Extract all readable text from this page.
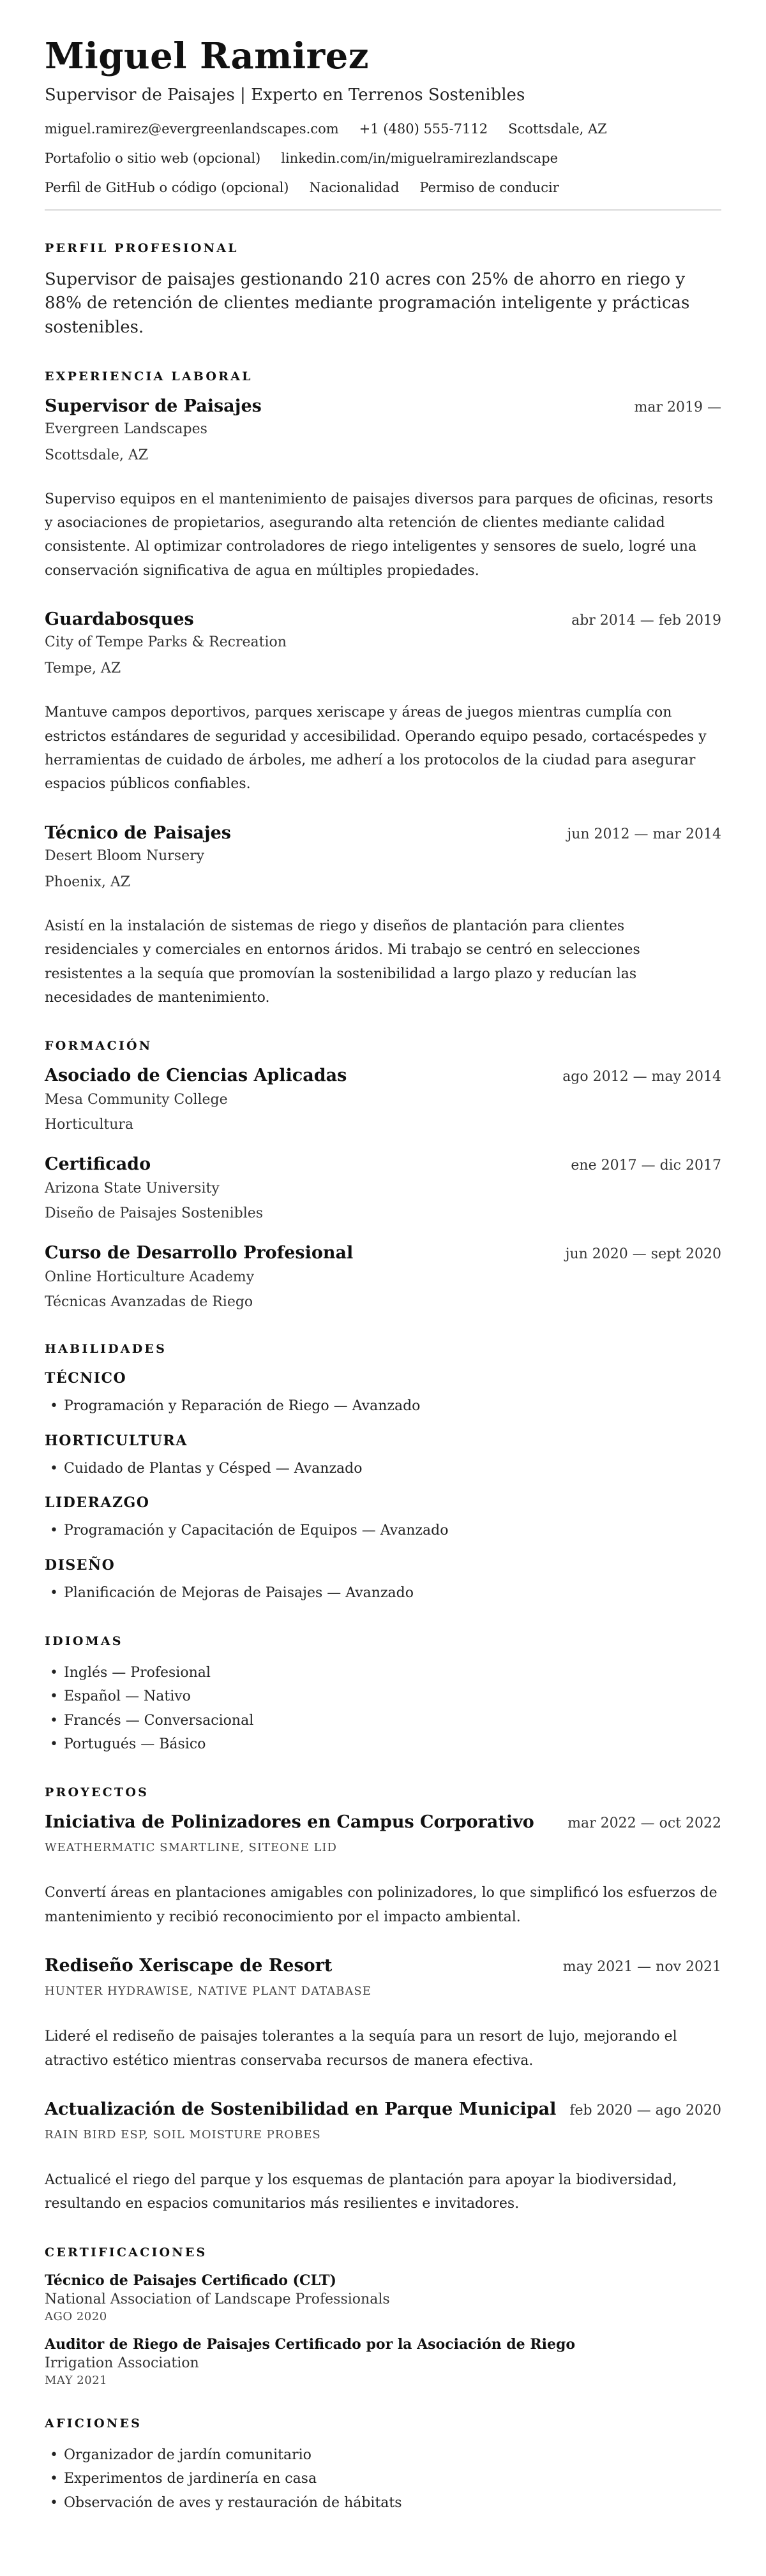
Miguel Ramirez
Supervisor de Paisajes | Experto en Terrenos Sostenibles
miguel.ramirez@evergreenlandscapes.com +1 (480) 555-7112 Scottsdale, AZ
Portafolio o sitio web (opcional) linkedin.com/in/miguelramirezlandscape
Perfil de GitHub o código (opcional) Nacionalidad Permiso de conducir
PERFIL PROFESIONAL

Supervisor de paisajes gestionando 210 acres con 25% de ahorro en riego y 88% de retención de clientes mediante programación inteligente y prácticas sostenibles.

EXPERIENCIA LABORAL
Supervisor de Paisajes	mar 2019 —
Evergreen Landscapes
Scottsdale, AZ

Superviso equipos en el mantenimiento de paisajes diversos para parques de oficinas, resorts y asociaciones de propietarios, asegurando alta retención de clientes mediante calidad consistente. Al optimizar controladores de riego inteligentes y sensores de suelo, logré una conservación significativa de agua en múltiples propiedades.

Guardabosques	abr 2014 — feb 2019
City of Tempe Parks & Recreation
Tempe, AZ

Mantuve campos deportivos, parques xeriscape y áreas de juegos mientras cumplía con estrictos estándares de seguridad y accesibilidad. Operando equipo pesado, cortacéspedes y herramientas de cuidado de árboles, me adherí a los protocolos de la ciudad para asegurar espacios públicos confiables.

Técnico de Paisajes	jun 2012 — mar 2014
Desert Bloom Nursery
Phoenix, AZ

Asistí en la instalación de sistemas de riego y diseños de plantación para clientes residenciales y comerciales en entornos áridos. Mi trabajo se centró en selecciones resistentes a la sequía que promovían la sostenibilidad a largo plazo y reducían las necesidades de mantenimiento.

FORMACIÓN
Asociado de Ciencias Aplicadas	ago 2012 — may 2014
Mesa Community College
Horticultura
Certificado	ene 2017 — dic 2017
Arizona State University
Diseño de Paisajes Sostenibles
Curso de Desarrollo Profesional	jun 2020 — sept 2020
Online Horticulture Academy
Técnicas Avanzadas de Riego
HABILIDADES
TÉCNICO
• Programación y Reparación de Riego — Avanzado
HORTICULTURA
• Cuidado de Plantas y Césped — Avanzado
LIDERAZGO
• Programación y Capacitación de Equipos — Avanzado
DISEÑO
• Planificación de Mejoras de Paisajes — Avanzado
IDIOMAS
• Inglés — Profesional
• Español — Nativo
• Francés — Conversacional
• Portugués — Básico
PROYECTOS
Iniciativa de Polinizadores en Campus Corporativo mar 2022 — oct 2022
WEATHERMATIC SMARTLINE, SITEONE LID

Convertí áreas en plantaciones amigables con polinizadores, lo que simplificó los esfuerzos de mantenimiento y recibió reconocimiento por el impacto ambiental.

Rediseño Xeriscape de Resort	may 2021 — nov 2021
HUNTER HYDRAWISE, NATIVE PLANT DATABASE

Lideré el rediseño de paisajes tolerantes a la sequía para un resort de lujo, mejorando el atractivo estético mientras conservaba recursos de manera efectiva.

Actualización de Sostenibilidad en Parque Municipal feb 2020 — ago 2020
RAIN BIRD ESP, SOIL MOISTURE PROBES

Actualicé el riego del parque y los esquemas de plantación para apoyar la biodiversidad, resultando en espacios comunitarios más resilientes e invitadores.

CERTIFICACIONES
Técnico de Paisajes Certificado (CLT)
National Association of Landscape Professionals
AGO 2020
Auditor de Riego de Paisajes Certificado por la Asociación de Riego
Irrigation Association
MAY 2021
AFICIONES
• Organizador de jardín comunitario
• Experimentos de jardinería en casa
• Observación de aves y restauración de hábitats
